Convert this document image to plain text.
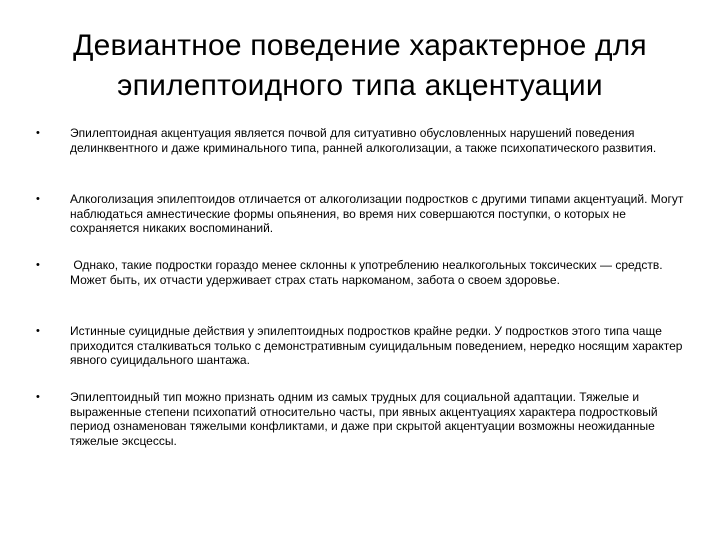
Девиантное поведение характерное для эпилептоидного типа акцентуации
•	Эпилептоидная акцентуация является почвой для ситуативно обусловленных нарушений поведения делинквентного и даже криминального типа, ранней алкоголизации, а также психопатического развития.
•	Алкоголизация эпилептоидов отличается от алкоголизации подростков с другими типами акцентуаций. Могут наблюдаться амнестические формы опьянения, во время них совершаются поступки, о которых не сохраняется никаких воспоминаний.
•	Однако, такие подростки гораздо менее склонны к употреблению неалкогольных токсических — средств. Может быть, их отчасти удерживает страх стать наркоманом, забота о своем здоровье.
•	Истинные суицидные действия у эпилептоидных подростков крайне редки. У подростков этого типа чаще приходится сталкиваться только с демонстративным суицидальным поведением, нередко носящим характер явного суицидального шантажа.
•	Эпилептоидный тип можно признать одним из самых трудных для социальной адаптации. Тяжелые и выраженные степени психопатий относительно часты, при явных акцентуациях характера подростковый период ознаменован тяжелыми конфликтами, и даже при скрытой акцентуации возможны неожиданные тяжелые эксцессы.
